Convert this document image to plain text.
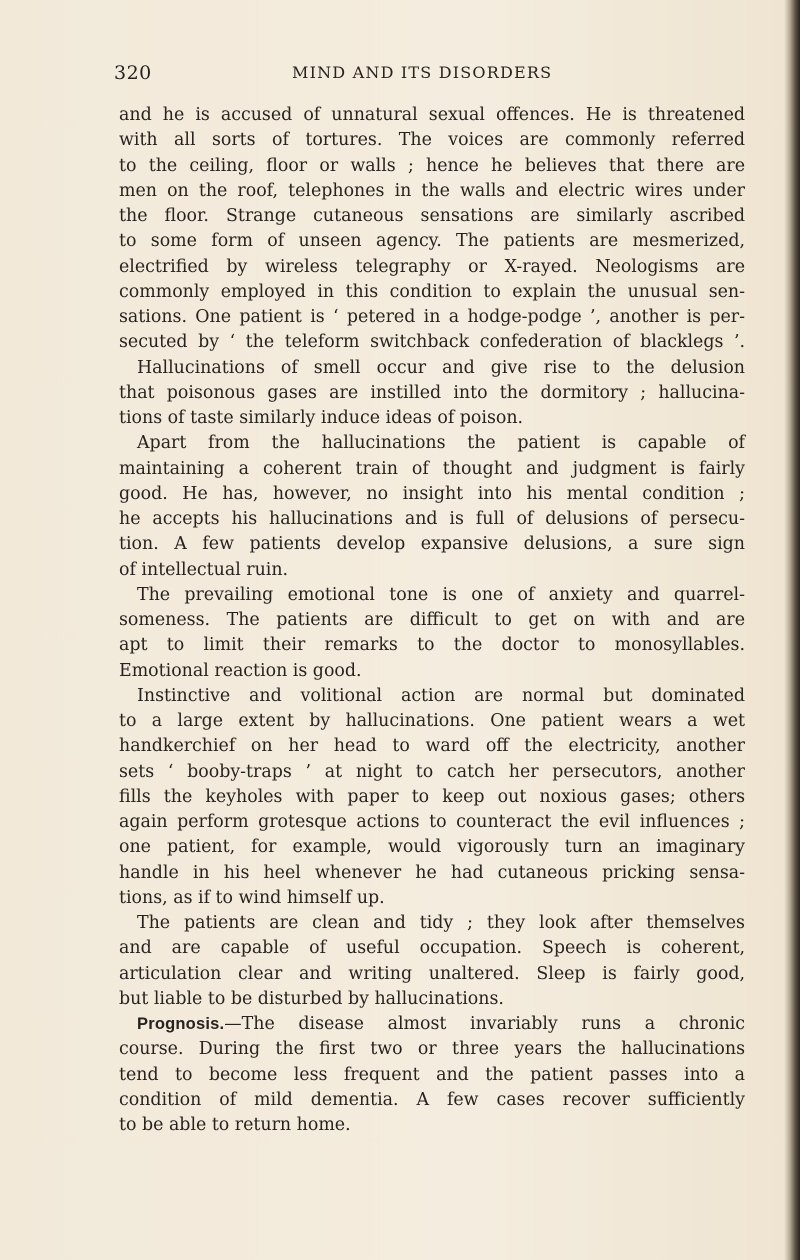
320	MIND AND ITS DISORDERS
and he is accused of unnatural sexual offences. He is threatened
with all sorts of tortures. The voices are commonly referred
to the ceiling, floor or walls ; hence he believes that there are
men on the roof, telephones in the walls and electric wires under
the floor. Strange cutaneous sensations are similarly ascribed
to some form of unseen agency. The patients are mesmerized,
electrified by wireless telegraphy or X-rayed. Neologisms are
commonly employed in this condition to explain the unusual sen-
sations. One patient is ‘ petered in a hodge-podge ’, another is per-
secuted by ‘ the teleform switchback confederation of blacklegs ’.
Hallucinations of smell occur and give rise to the delusion
that poisonous gases are instilled into the dormitory ; hallucina-
tions of taste similarly induce ideas of poison.
Apart from the hallucinations the patient is capable of
maintaining a coherent train of thought and judgment is fairly
good. He has, however, no insight into his mental condition ;
he accepts his hallucinations and is full of delusions of persecu-
tion. A few patients develop expansive delusions, a sure sign
of intellectual ruin.
The prevailing emotional tone is one of anxiety and quarrel-
someness. The patients are difficult to get on with and are
apt to limit their remarks to the doctor to monosyllables.
Emotional reaction is good.
Instinctive and volitional action are normal but dominated
to a large extent by hallucinations. One patient wears a wet
handkerchief on her head to ward off the electricity, another
sets ‘ booby-traps ’ at night to catch her persecutors, another
fills the keyholes with paper to keep out noxious gases; others
again perform grotesque actions to counteract the evil influences ;
one patient, for example, would vigorously turn an imaginary
handle in his heel whenever he had cutaneous pricking sensa-
tions, as if to wind himself up.
The patients are clean and tidy ; they look after themselves
and are capable of useful occupation. Speech is coherent,
articulation clear and writing unaltered. Sleep is fairly good,
but liable to be disturbed by hallucinations.
Prognosis.—The disease almost invariably runs a chronic
course. During the first two or three years the hallucinations
tend to become less frequent and the patient passes into a
condition of mild dementia. A few cases recover sufficiently
to be able to return home.
